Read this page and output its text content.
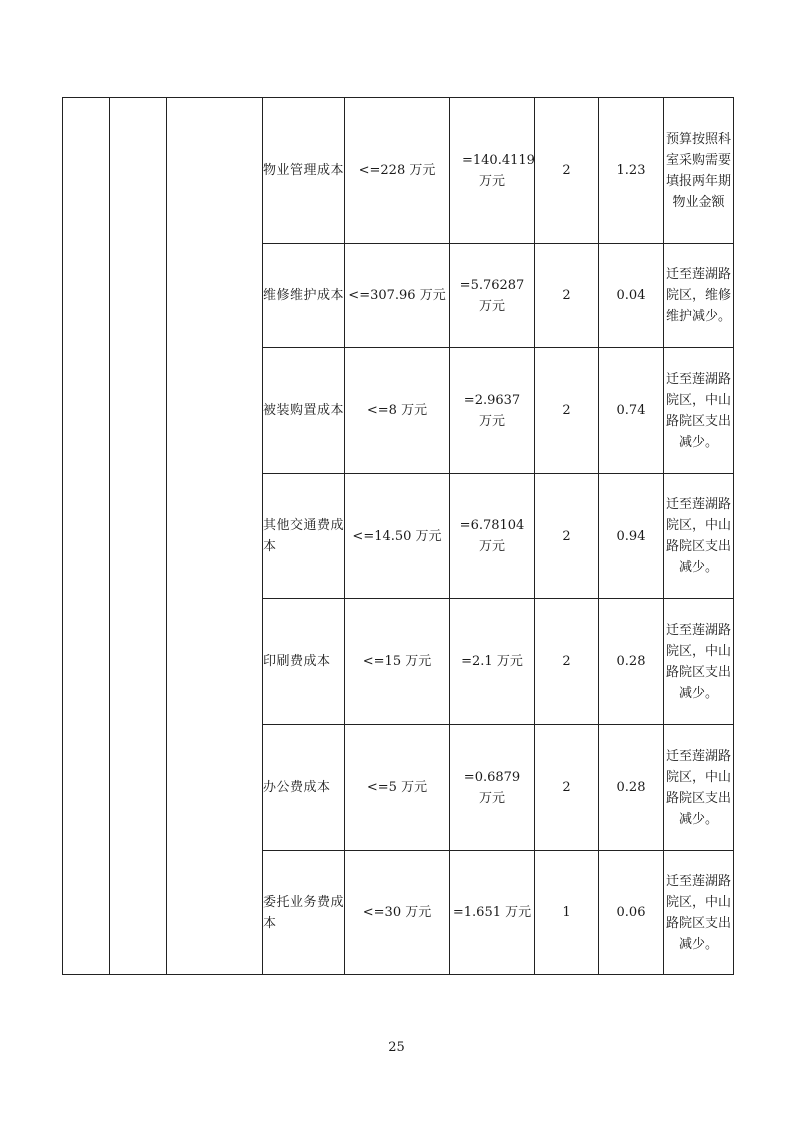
			物业管理成本	<=228 万元	=140.4119 万元	2	1.23	预算按照科室采购需要填报两年期物业金额
			维修维护成本	<=307.96 万元	=5.76287 万元	2	0.04	迁至莲湖路院区，维修维护减少。
			被装购置成本	<=8 万元	=2.9637 万元	2	0.74	迁至莲湖路院区，中山路院区支出减少。
			其他交通费成本	<=14.50 万元	=6.78104 万元	2	0.94	迁至莲湖路院区，中山路院区支出减少。
			印刷费成本	<=15 万元	=2.1 万元	2	0.28	迁至莲湖路院区，中山路院区支出减少。
			办公费成本	<=5 万元	=0.6879 万元	2	0.28	迁至莲湖路院区，中山路院区支出减少。
			委托业务费成本	<=30 万元	=1.651 万元	1	0.06	迁至莲湖路院区，中山路院区支出减少。
25
